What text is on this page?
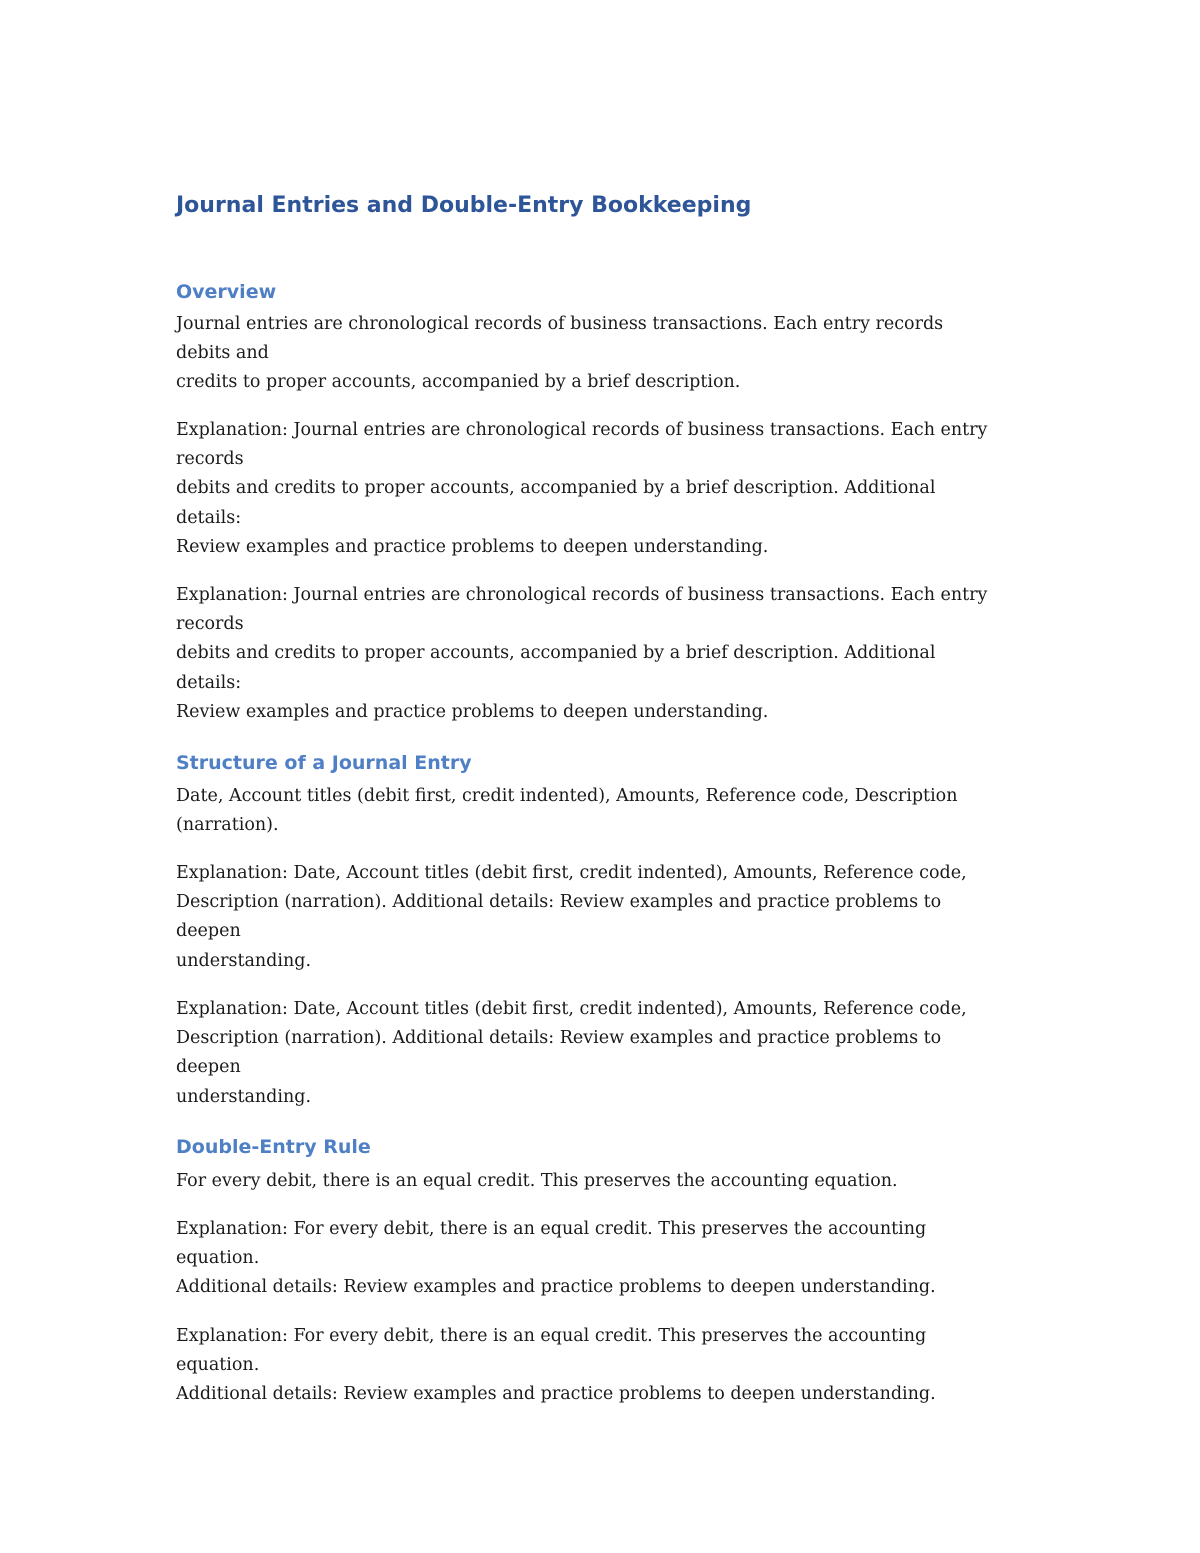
Journal Entries and Double-Entry Bookkeeping
Overview

Journal entries are chronological records of business transactions. Each entry records
debits and
credits to proper accounts, accompanied by a brief description.

Explanation: Journal entries are chronological records of business transactions. Each entry
records
debits and credits to proper accounts, accompanied by a brief description. Additional
details:
Review examples and practice problems to deepen understanding.

Explanation: Journal entries are chronological records of business transactions. Each entry
records
debits and credits to proper accounts, accompanied by a brief description. Additional
details:
Review examples and practice problems to deepen understanding.

Structure of a Journal Entry

Date, Account titles (debit first, credit indented), Amounts, Reference code, Description
(narration).

Explanation: Date, Account titles (debit first, credit indented), Amounts, Reference code,
Description (narration). Additional details: Review examples and practice problems to
deepen
understanding.

Explanation: Date, Account titles (debit first, credit indented), Amounts, Reference code,
Description (narration). Additional details: Review examples and practice problems to
deepen
understanding.

Double-Entry Rule

For every debit, there is an equal credit. This preserves the accounting equation.

Explanation: For every debit, there is an equal credit. This preserves the accounting
equation.
Additional details: Review examples and practice problems to deepen understanding.

Explanation: For every debit, there is an equal credit. This preserves the accounting
equation.
Additional details: Review examples and practice problems to deepen understanding.
